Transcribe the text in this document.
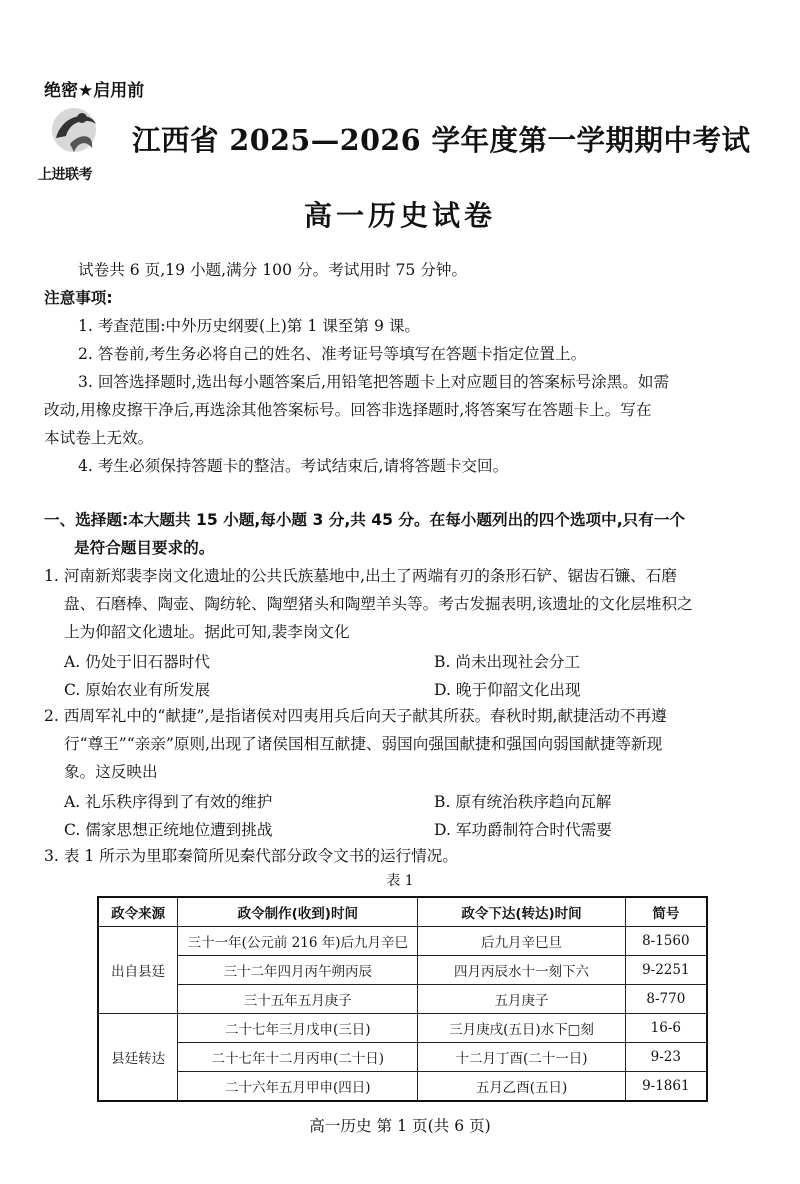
绝密★启用前
上进联考
江西省 2025—2026 学年度第一学期期中考试
高一历史试卷
试卷共 6 页,19 小题,满分 100 分。考试用时 75 分钟。
注意事项:
1. 考查范围:中外历史纲要(上)第 1 课至第 9 课。
2. 答卷前,考生务必将自己的姓名、准考证号等填写在答题卡指定位置上。
3. 回答选择题时,选出每小题答案后,用铅笔把答题卡上对应题目的答案标号涂黑。如需
改动,用橡皮擦干净后,再选涂其他答案标号。回答非选择题时,将答案写在答题卡上。写在
本试卷上无效。
4. 考生必须保持答题卡的整洁。考试结束后,请将答题卡交回。
一、选择题:本大题共 15 小题,每小题 3 分,共 45 分。在每小题列出的四个选项中,只有一个
是符合题目要求的。
1. 河南新郑裴李岗文化遗址的公共氏族墓地中,出土了两端有刃的条形石铲、锯齿石镰、石磨
盘、石磨棒、陶壶、陶纺轮、陶塑猪头和陶塑羊头等。考古发掘表明,该遗址的文化层堆积之
上为仰韶文化遗址。据此可知,裴李岗文化
A. 仍处于旧石器时代	B. 尚未出现社会分工
C. 原始农业有所发展	D. 晚于仰韶文化出现
2. 西周军礼中的“献捷”,是指诸侯对四夷用兵后向天子献其所获。春秋时期,献捷活动不再遵
行“尊王”“亲亲”原则,出现了诸侯国相互献捷、弱国向强国献捷和强国向弱国献捷等新现
象。这反映出
A. 礼乐秩序得到了有效的维护	B. 原有统治秩序趋向瓦解
C. 儒家思想正统地位遭到挑战	D. 军功爵制符合时代需要
3. 表 1 所示为里耶秦简所见秦代部分政令文书的运行情况。
表 1
政令来源	政令制作(收到)时间	政令下达(转达)时间	简号
出自县廷	三十一年(公元前 216 年)后九月辛巳	后九月辛巳旦	8-1560
	三十二年四月丙午朔丙辰	四月丙辰水十一刻下六	9-2251
	三十五年五月庚子	五月庚子	8-770
县廷转达	二十七年三月戊申(三日)	三月庚戌(五日)水下□刻	16-6
	二十七年十二月丙申(二十日)	十二月丁酉(二十一日)	9-23
	二十六年五月甲申(四日)	五月乙酉(五日)	9-1861
高一历史 第 1 页(共 6 页)
